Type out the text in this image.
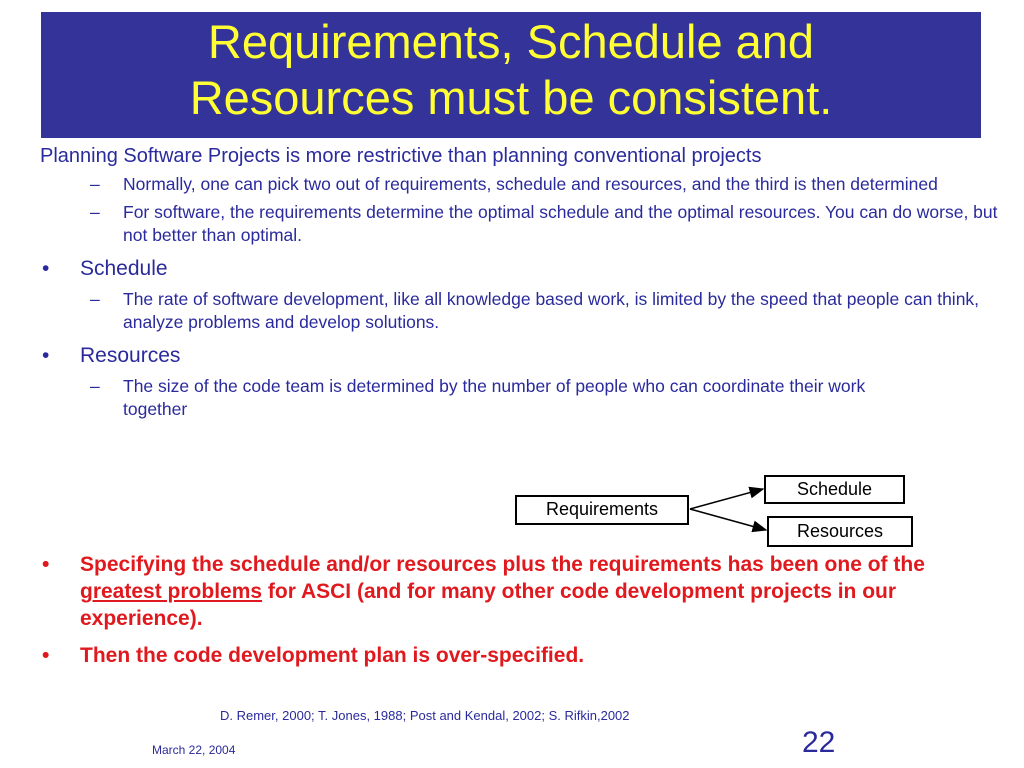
Requirements, Schedule and
Resources must be consistent.

Planning Software Projects is more restrictive than planning conventional projects

– Normally, one can pick two out of requirements, schedule and resources, and the third is then determined

– For software, the requirements determine the optimal schedule and the optimal resources. You can do worse, but not better than optimal.

• Schedule

– The rate of software development, like all knowledge based work, is limited by the speed that people can think, analyze problems and develop solutions.

• Resources

– The size of the code team is determined by the number of people who can coordinate their work together

Requirements
Schedule
Resources

• Specifying the schedule and/or resources plus the requirements has been one of the greatest problems for ASCI (and for many other code development projects in our experience).

• Then the code development plan is over-specified.

D. Remer, 2000; T. Jones, 1988; Post and Kendal, 2002; S. Rifkin,2002
March 22, 2004	22
